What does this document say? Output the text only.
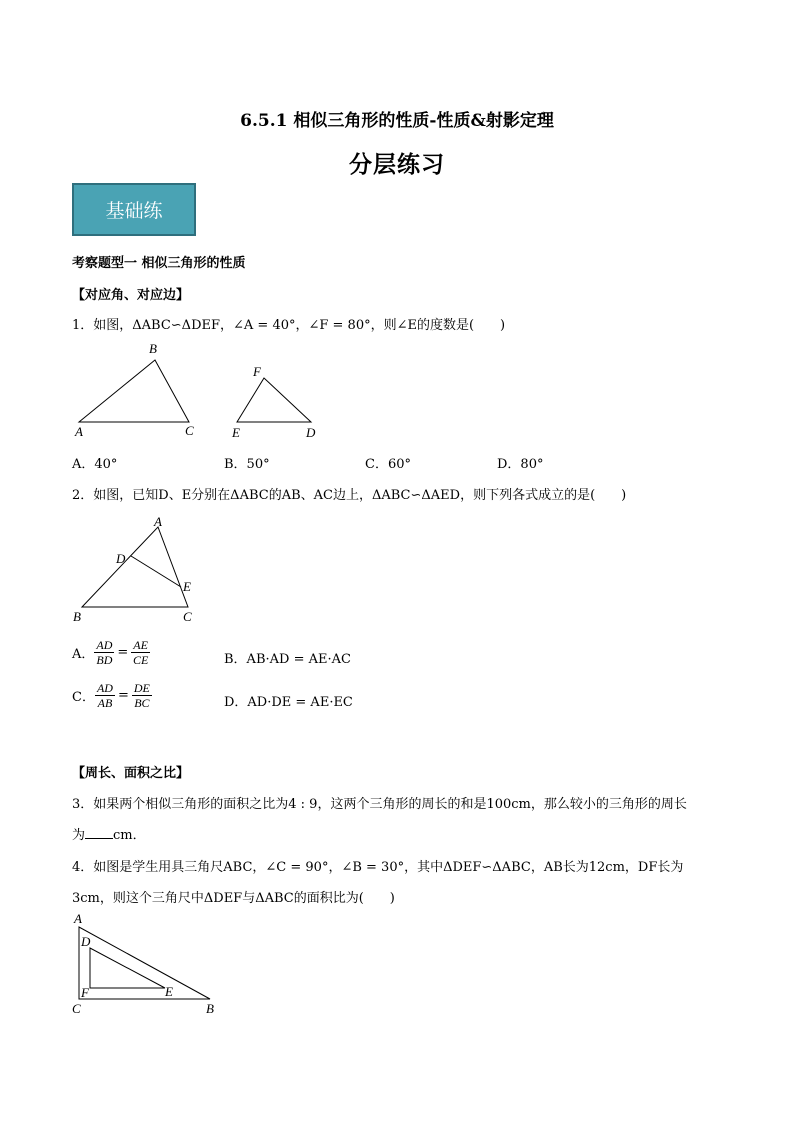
6.5.1 相似三角形的性质-性质&射影定理
分层练习
基础练
考察题型一 相似三角形的性质
【对应角、对应边】
1．如图，ΔABC∽ΔDEF，∠A = 40°，∠F = 80°，则∠E的度数是(　　)
B
A	C
F
E	D
A．40°	B．50°	C．60°	D．80°
2．如图，已知D、E分别在ΔABC的AB、AC边上，ΔABC∽ΔAED，则下列各式成立的是(　　)
A
D
E
B	C
A． $\frac{AD}{BD} = \frac{AE}{CE}$	B．AB·AD = AE·AC
C． $\frac{AD}{AB} = \frac{DE}{BC}$	D．AD·DE = AE·EC
【周长、面积之比】
3．如果两个相似三角形的面积之比为4 : 9，这两个三角形的周长的和是100cm，那么较小的三角形的周长
为 cm．
4．如图是学生用具三角尺ABC，∠C = 90°，∠B = 30°，其中ΔDEF∽ΔABC，AB长为12cm，DF长为
3cm，则这个三角尺中ΔDEF与ΔABC的面积比为(　　)
A
D
F	E
C	B
